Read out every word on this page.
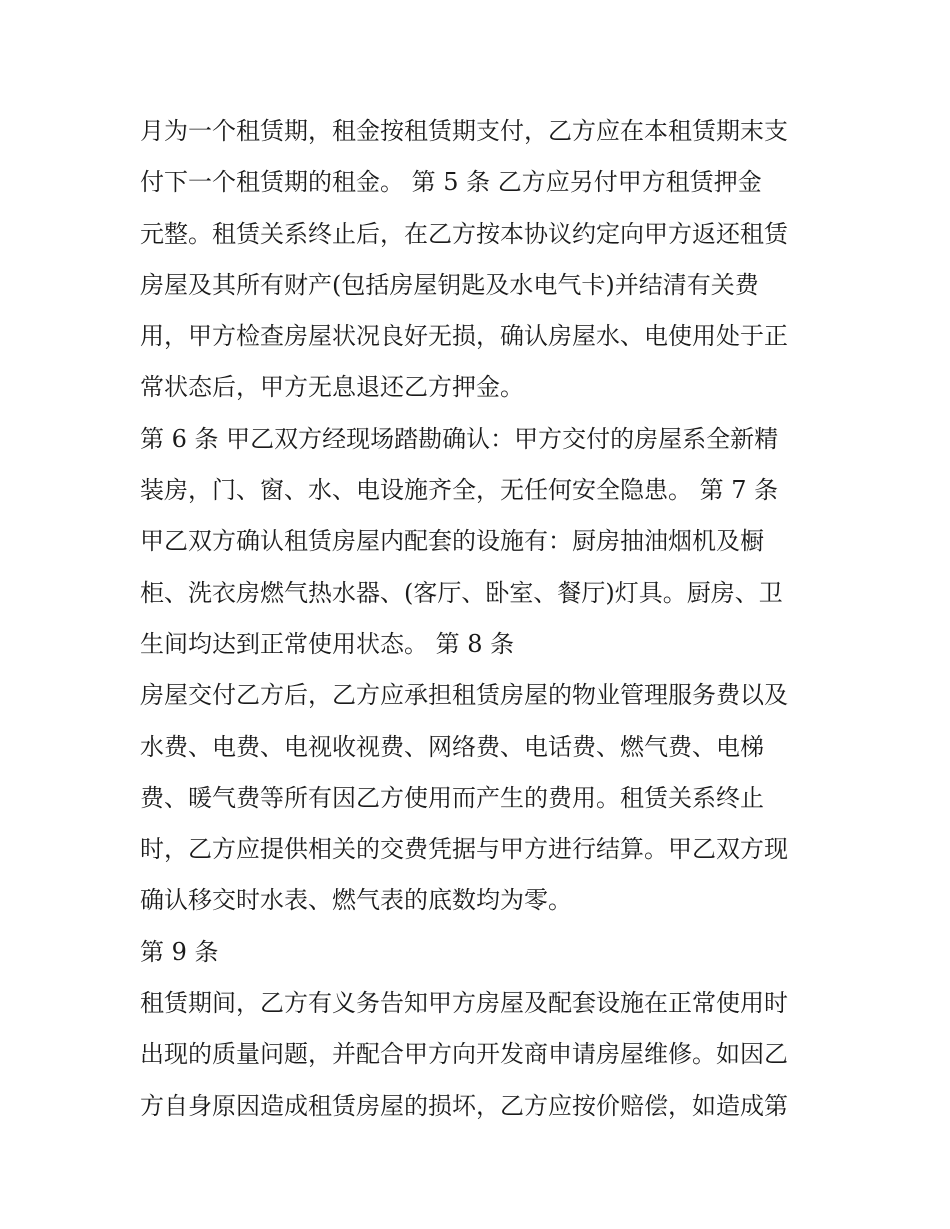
月为一个租赁期，租金按租赁期支付，乙方应在本租赁期末支
付下一个租赁期的租金。 第 5 条 乙方应另付甲方租赁押金
元整。租赁关系终止后，在乙方按本协议约定向甲方返还租赁
房屋及其所有财产(包括房屋钥匙及水电气卡)并结清有关费
用，甲方检查房屋状况良好无损，确认房屋水、电使用处于正
常状态后，甲方无息退还乙方押金。
第 6 条 甲乙双方经现场踏勘确认：甲方交付的房屋系全新精
装房，门、窗、水、电设施齐全，无任何安全隐患。 第 7 条
甲乙双方确认租赁房屋内配套的设施有：厨房抽油烟机及橱
柜、洗衣房燃气热水器、(客厅、卧室、餐厅)灯具。厨房、卫
生间均达到正常使用状态。 第 8 条
房屋交付乙方后，乙方应承担租赁房屋的物业管理服务费以及
水费、电费、电视收视费、网络费、电话费、燃气费、电梯
费、暖气费等所有因乙方使用而产生的费用。租赁关系终止
时，乙方应提供相关的交费凭据与甲方进行结算。甲乙双方现
确认移交时水表、燃气表的底数均为零。
第 9 条
租赁期间，乙方有义务告知甲方房屋及配套设施在正常使用时
出现的质量问题，并配合甲方向开发商申请房屋维修。如因乙
方自身原因造成租赁房屋的损坏，乙方应按价赔偿，如造成第
